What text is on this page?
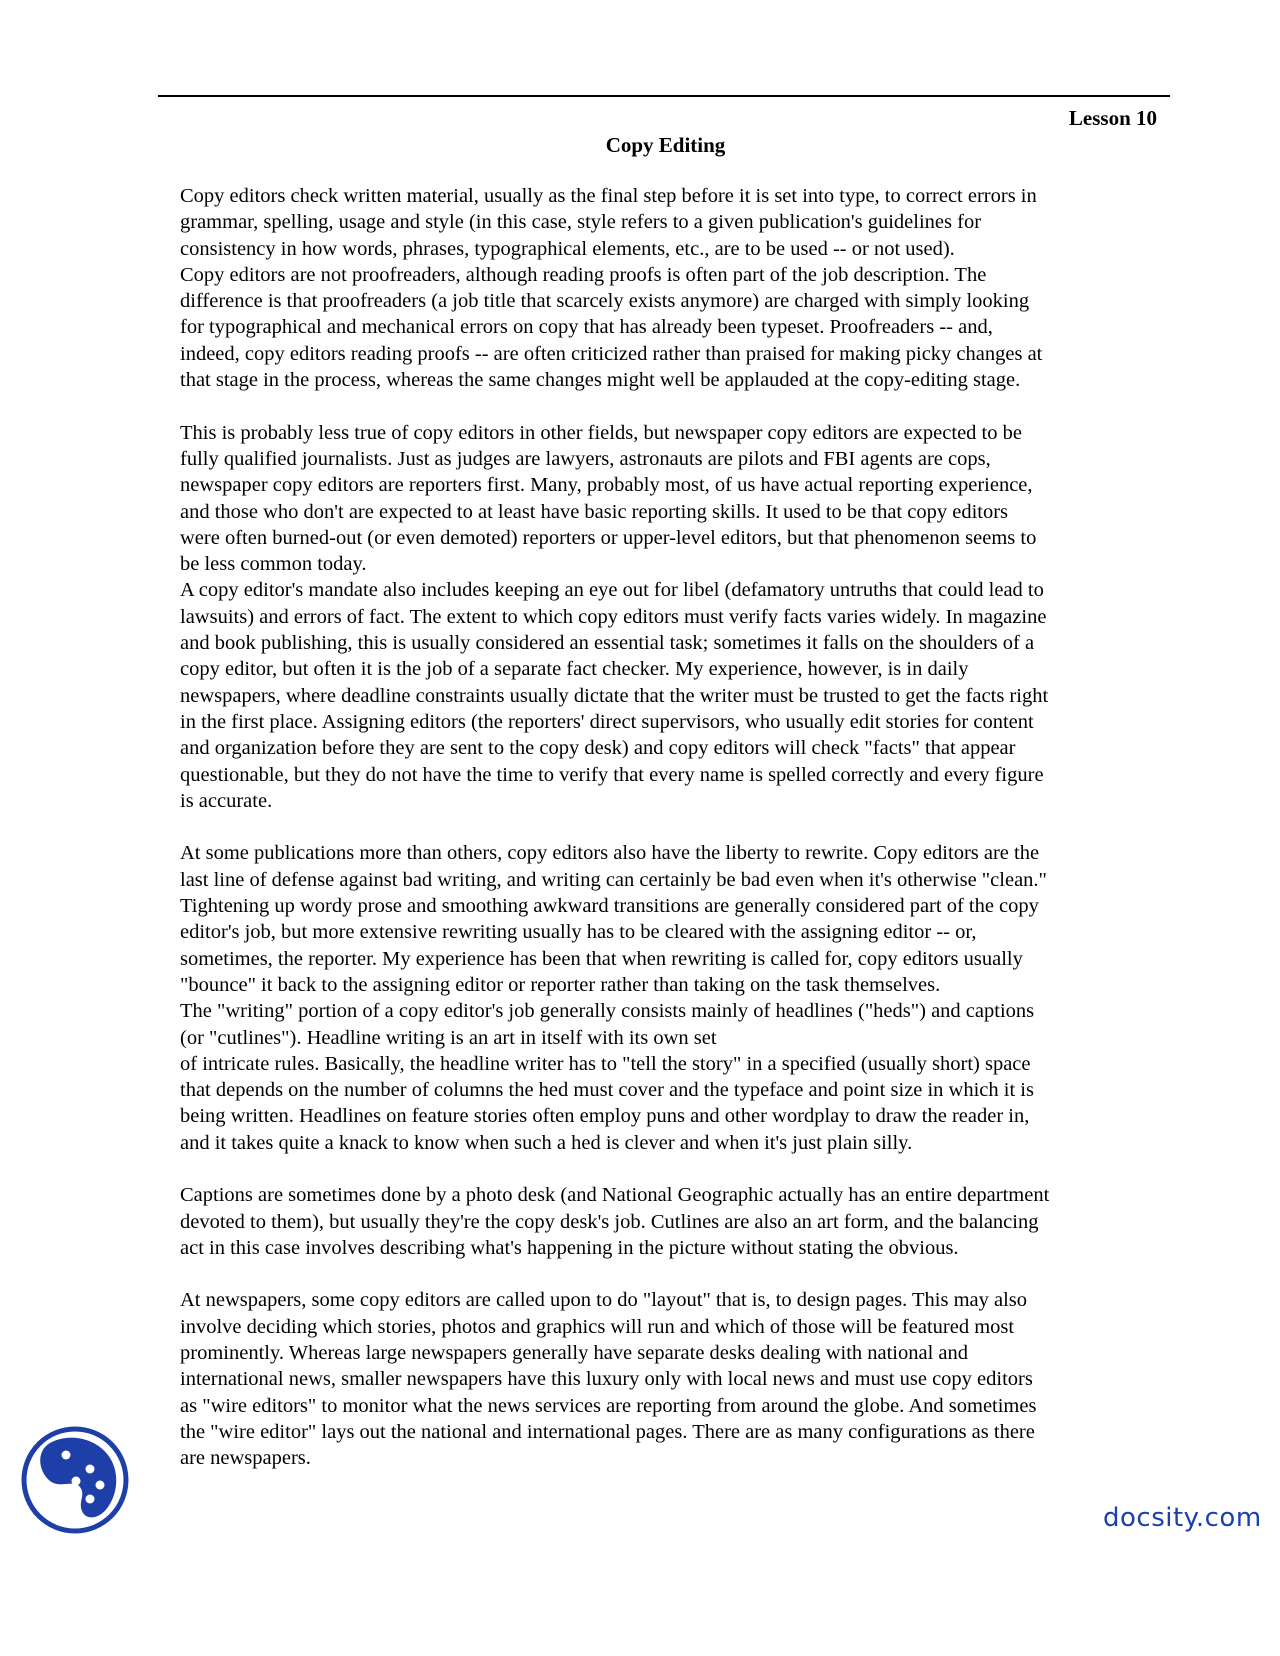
Lesson 10
Copy Editing
Copy editors check written material, usually as the final step before it is set into type, to correct errors in
grammar, spelling, usage and style (in this case, style refers to a given publication's guidelines for
consistency in how words, phrases, typographical elements, etc., are to be used -- or not used).
Copy editors are not proofreaders, although reading proofs is often part of the job description. The
difference is that proofreaders (a job title that scarcely exists anymore) are charged with simply looking
for typographical and mechanical errors on copy that has already been typeset. Proofreaders -- and,
indeed, copy editors reading proofs -- are often criticized rather than praised for making picky changes at
that stage in the process, whereas the same changes might well be applauded at the copy-editing stage.
This is probably less true of copy editors in other fields, but newspaper copy editors are expected to be
fully qualified journalists. Just as judges are lawyers, astronauts are pilots and FBI agents are cops,
newspaper copy editors are reporters first. Many, probably most, of us have actual reporting experience,
and those who don't are expected to at least have basic reporting skills. It used to be that copy editors
were often burned-out (or even demoted) reporters or upper-level editors, but that phenomenon seems to
be less common today.
A copy editor's mandate also includes keeping an eye out for libel (defamatory untruths that could lead to
lawsuits) and errors of fact. The extent to which copy editors must verify facts varies widely. In magazine
and book publishing, this is usually considered an essential task; sometimes it falls on the shoulders of a
copy editor, but often it is the job of a separate fact checker. My experience, however, is in daily
newspapers, where deadline constraints usually dictate that the writer must be trusted to get the facts right
in the first place. Assigning editors (the reporters' direct supervisors, who usually edit stories for content
and organization before they are sent to the copy desk) and copy editors will check "facts" that appear
questionable, but they do not have the time to verify that every name is spelled correctly and every figure
is accurate.
At some publications more than others, copy editors also have the liberty to rewrite. Copy editors are the
last line of defense against bad writing, and writing can certainly be bad even when it's otherwise "clean."
Tightening up wordy prose and smoothing awkward transitions are generally considered part of the copy
editor's job, but more extensive rewriting usually has to be cleared with the assigning editor -- or,
sometimes, the reporter. My experience has been that when rewriting is called for, copy editors usually
"bounce" it back to the assigning editor or reporter rather than taking on the task themselves.
The "writing" portion of a copy editor's job generally consists mainly of headlines ("heds") and captions
(or "cutlines"). Headline writing is an art in itself with its own set
of intricate rules. Basically, the headline writer has to "tell the story" in a specified (usually short) space
that depends on the number of columns the hed must cover and the typeface and point size in which it is
being written. Headlines on feature stories often employ puns and other wordplay to draw the reader in,
and it takes quite a knack to know when such a hed is clever and when it's just plain silly.
Captions are sometimes done by a photo desk (and National Geographic actually has an entire department
devoted to them), but usually they're the copy desk's job. Cutlines are also an art form, and the balancing
act in this case involves describing what's happening in the picture without stating the obvious.
At newspapers, some copy editors are called upon to do "layout" that is, to design pages. This may also
involve deciding which stories, photos and graphics will run and which of those will be featured most
prominently. Whereas large newspapers generally have separate desks dealing with national and
international news, smaller newspapers have this luxury only with local news and must use copy editors
as "wire editors" to monitor what the news services are reporting from around the globe. And sometimes
the "wire editor" lays out the national and international pages. There are as many configurations as there
are newspapers.
docsity.com
